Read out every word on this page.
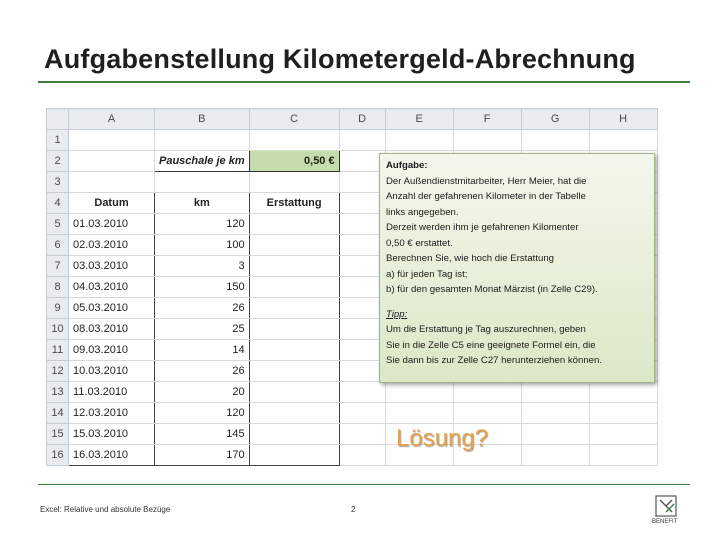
Aufgabenstellung Kilometergeld-Abrechnung
	A	B	C	D	E	F	G	H
1								
2		Pauschale je km	0,50 €					
3								
4	Datum	km	Erstattung					
5	01.03.2010	120						
6	02.03.2010	100						
7	03.03.2010	3						
8	04.03.2010	150						
9	05.03.2010	26						
10	08.03.2010	25						
11	09.03.2010	14						
12	10.03.2010	26						
13	11.03.2010	20						
14	12.03.2010	120						
15	15.03.2010	145						
16	16.03.2010	170						
Aufgabe:
Der Außendienstmitarbeiter, Herr Meier, hat die
Anzahl der gefahrenen Kilometer in der Tabelle
links angegeben.
Derzeit werden ihm je gefahrenen Kilomenter
0,50 € erstattet.
Berechnen Sie, wie hoch die Erstattung
a) für jeden Tag ist;
b) für den gesamten Monat Märzist (in Zelle C29).
Tipp:
Um die Erstattung je Tag auszurechnen, geben
Sie in die Zelle C5 eine geeignete Formel ein, die
Sie dann bis zur Zelle C27 herunterziehen können.
Lösung?
Excel: Relative und absolute Bezüge	2
BENEFIT
